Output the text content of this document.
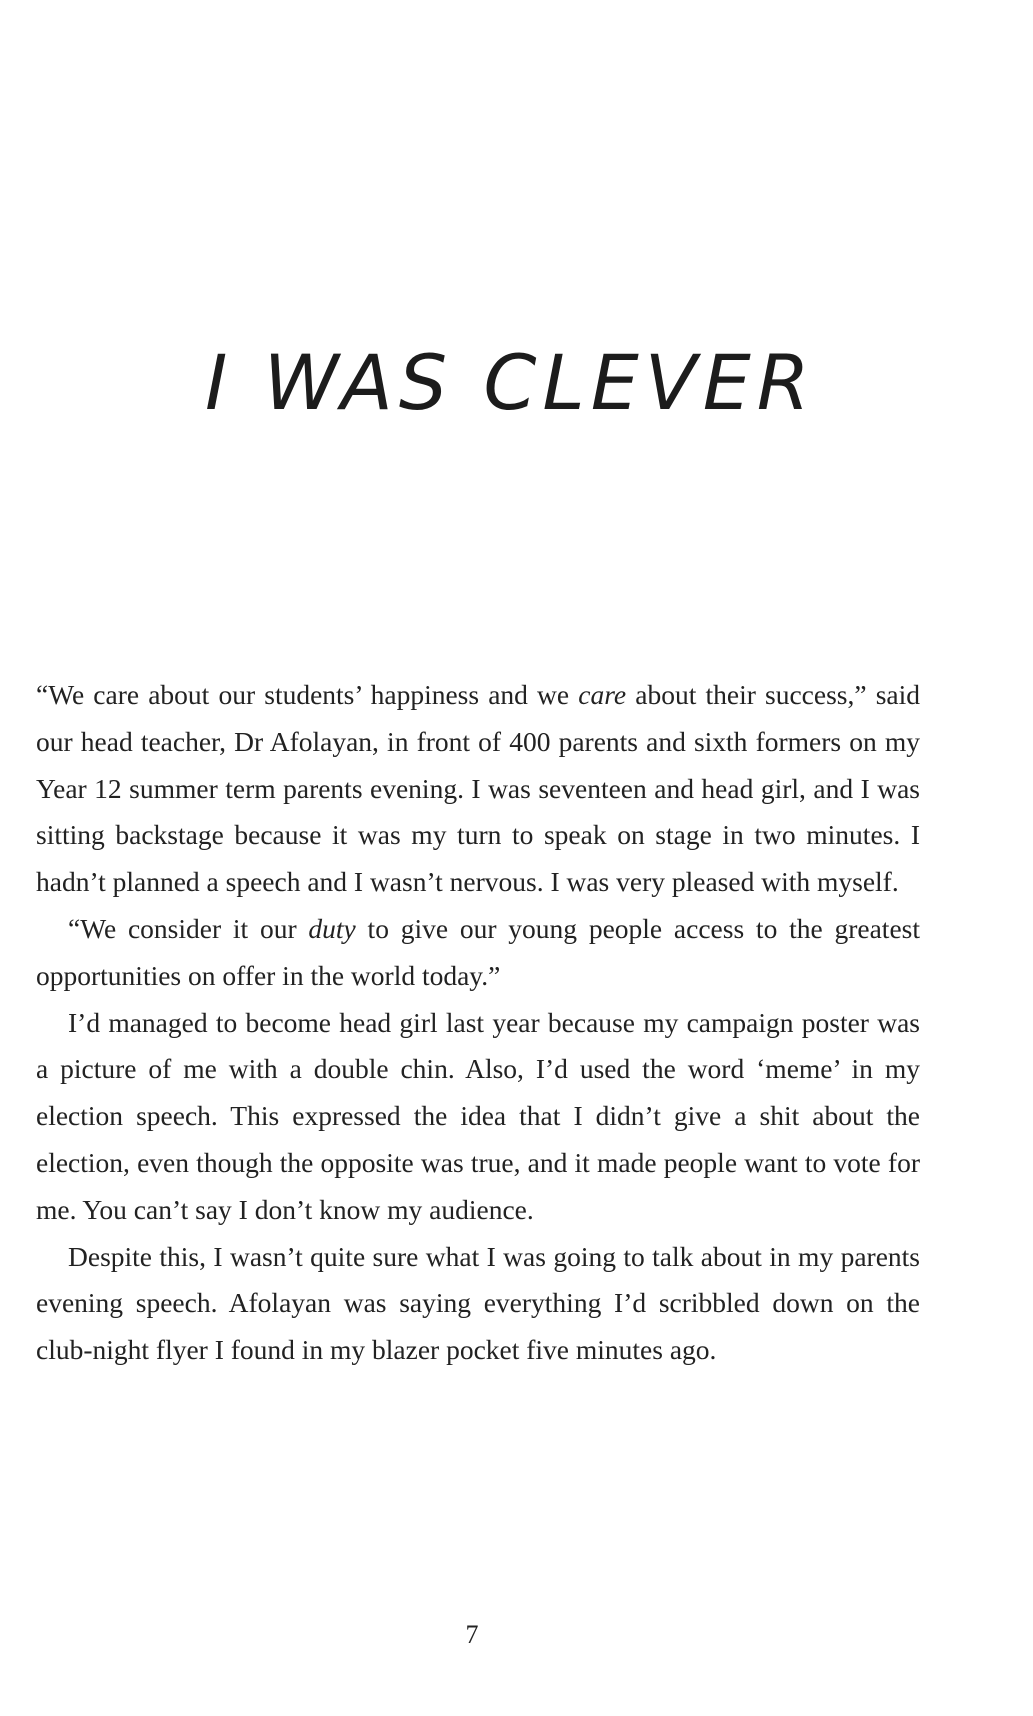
I WAS CLEVER

“We care about our students’ happiness and we care about their success,” said our head teacher, Dr Afolayan, in front of 400 parents and sixth formers on my Year 12 summer term parents evening. I was seventeen and head girl, and I was sitting backstage because it was my turn to speak on stage in two minutes. I hadn’t planned a speech and I wasn’t nervous. I was very pleased with myself.

“We consider it our duty to give our young people access to the greatest opportunities on offer in the world today.”

I’d managed to become head girl last year because my campaign poster was a picture of me with a double chin. Also, I’d used the word ‘meme’ in my election speech. This expressed the idea that I didn’t give a shit about the election, even though the opposite was true, and it made people want to vote for me. You can’t say I don’t know my audience.

Despite this, I wasn’t quite sure what I was going to talk about in my parents evening speech. Afolayan was saying everything I’d scribbled down on the club-night flyer I found in my blazer pocket five minutes ago.

7
